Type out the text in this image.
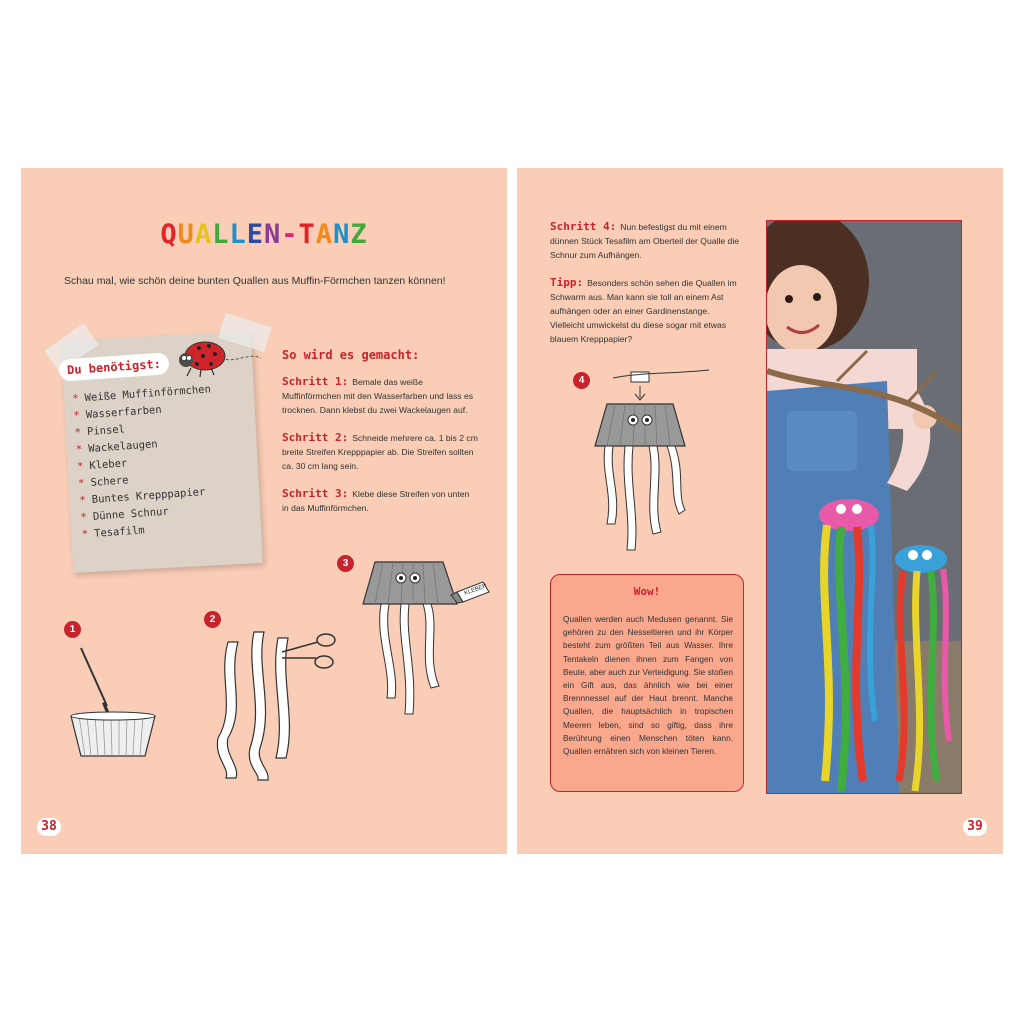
QUALLEN-TANZ
Schau mal, wie schön deine bunten Quallen aus Muffin-Förmchen tanzen können!
Du benötigst:
* Weiße Muffinförmchen
* Wasserfarben
* Pinsel
* Wackelaugen
* Kleber
* Schere
* Buntes Krepppapier
* Dünne Schnur
* Tesafilm
So wird es gemacht:
Schritt 1: Bemale das weiße Muffinförmchen mit den Wasserfarben und lass es trocknen. Dann klebst du zwei Wackelaugen auf.
Schritt 2: Schneide mehrere ca. 1 bis 2 cm breite Streifen Krepppapier ab. Die Streifen sollten ca. 30 cm lang sein.
Schritt 3: Klebe diese Streifen von unten in das Muffinförmchen.
1
2
3
KLEBER
38
Schritt 4: Nun befestigst du mit einem dünnen Stück Tesafilm am Oberteil der Qualle die Schnur zum Aufhängen.
Tipp: Besonders schön sehen die Quallen im Schwarm aus. Man kann sie toll an einem Ast aufhängen oder an einer Gardinenstange. Vielleicht umwickelst du diese sogar mit etwas blauem Krepppapier?
4
Wow!
Quallen werden auch Medusen genannt. Sie gehören zu den Nesseltieren und ihr Körper besteht zum größten Teil aus Wasser. Ihre Tentakeln dienen ihnen zum Fangen von Beute, aber auch zur Verteidigung. Sie stoßen ein Gift aus, das ähnlich wie bei einer Brennnessel auf der Haut brennt. Manche Quallen, die hauptsächlich in tropischen Meeren leben, sind so giftig, dass ihre Berührung einen Menschen töten kann. Quallen ernähren sich von kleinen Tieren.
39
